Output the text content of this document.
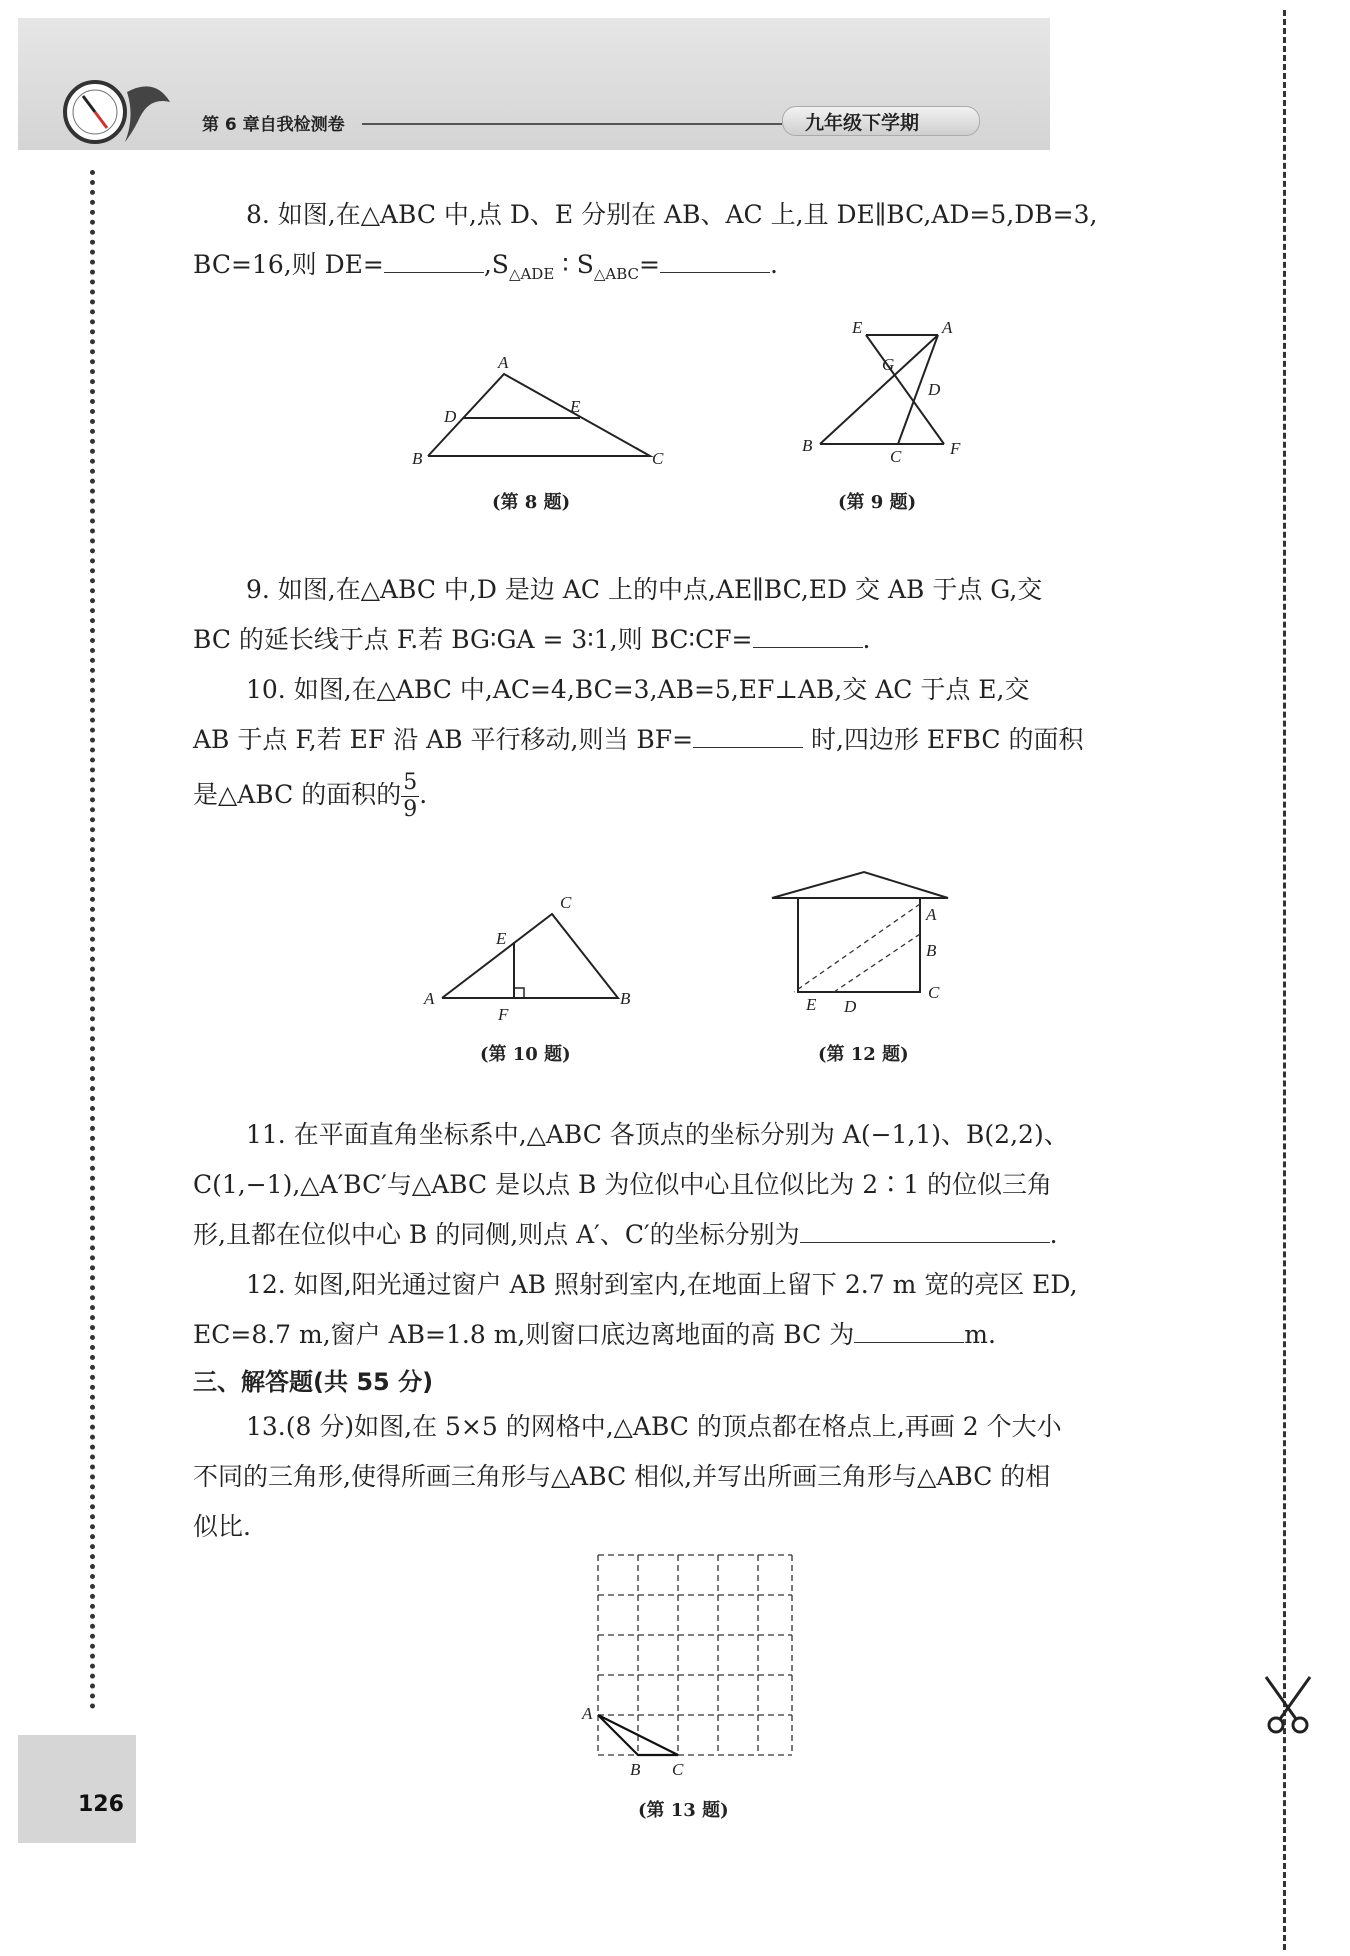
第 6 章自我检测卷	九年级下学期
126
8. 如图,在△ABC 中,点 D、E 分别在 AB、AC 上,且 DE∥BC,AD=5,DB=3,
BC=16,则 DE=	$,S_{\triangle ADE}$ ∶ $S_{\triangle ABC}=$	.
A
B	C
D
E
(第 8 题)
E	A
G
D
B
C	F
(第 9 题)
9. 如图,在△ABC 中,D 是边 AC 上的中点,AE∥BC,ED 交 AB 于点 G,交
BC 的延长线于点 F.若 BG∶GA = 3∶1,则 BC∶CF=	.
10. 如图,在△ABC 中,AC=4,BC=3,AB=5,EF⊥AB,交 AC 于点 E,交
AB 于点 F,若 EF 沿 AB 平行移动,则当 BF=	时,四边形 EFBC 的面积
是△ABC 的面积的 $\frac{5}{9}$ .
C
E
A	B
F
(第 10 题)
A
B
C
E D
(第 12 题)
11. 在平面直角坐标系中,△ABC 各顶点的坐标分别为 A(−1,1)、B(2,2)、
C(1,−1),△A′BC′与△ABC 是以点 B 为位似中心且位似比为 2∶1 的位似三角
形,且都在位似中心 B 的同侧,则点 A′、C′的坐标分别为	.
12. 如图,阳光通过窗户 AB 照射到室内,在地面上留下 2.7 m 宽的亮区 ED,
EC=8.7 m,窗户 AB=1.8 m,则窗口底边离地面的高 BC 为	m.
三、解答题(共 55 分)
13.(8 分)如图,在 5×5 的网格中,△ABC 的顶点都在格点上,再画 2 个大小
不同的三角形,使得所画三角形与△ABC 相似,并写出所画三角形与△ABC 的相
似比.
A
B C
(第 13 题)
